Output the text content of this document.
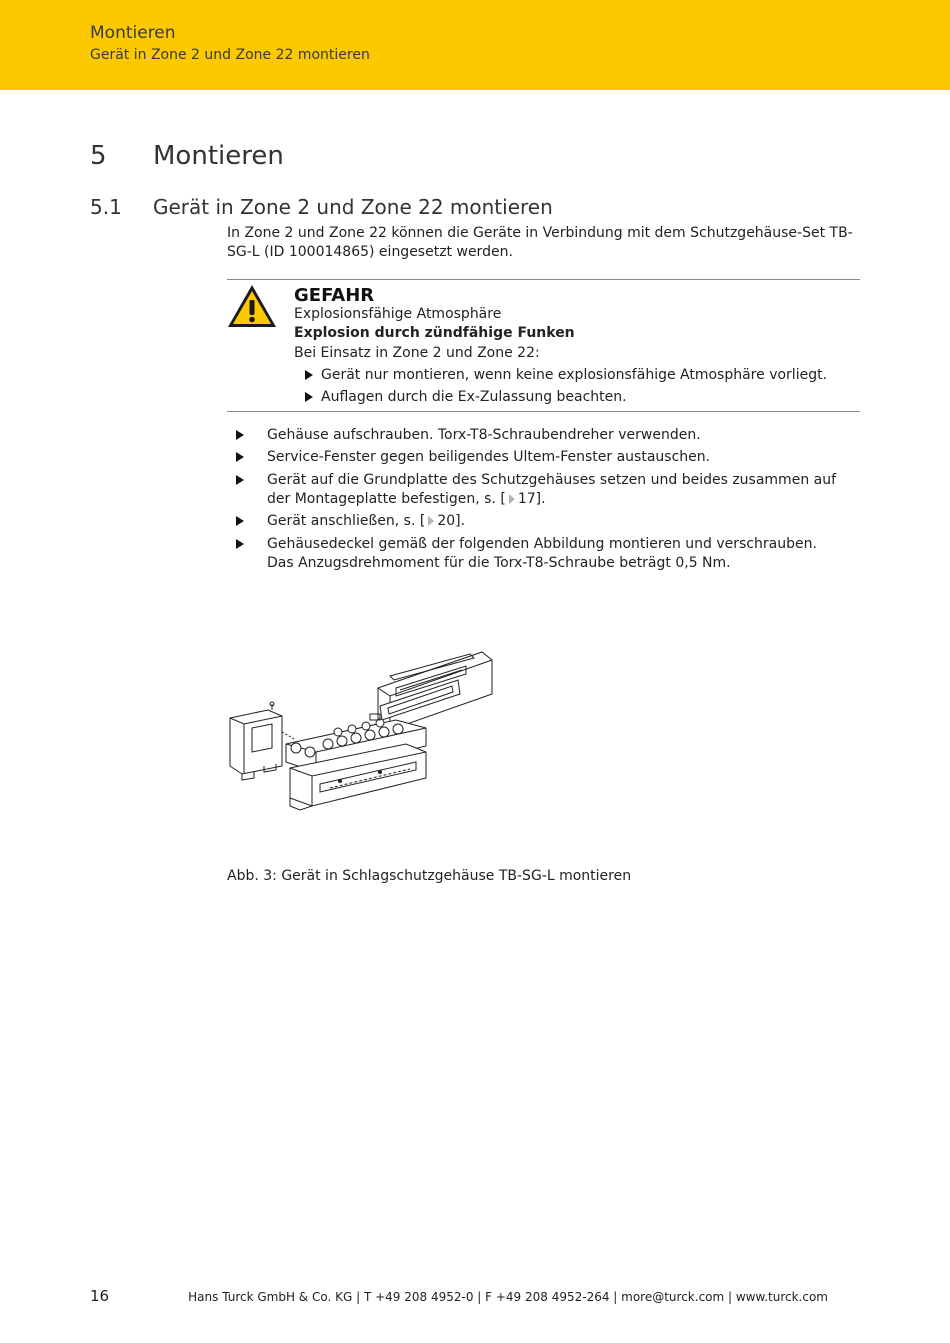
Montieren
Gerät in Zone 2 und Zone 22 montieren
5 Montieren
5.1 Gerät in Zone 2 und Zone 22 montieren
In Zone 2 und Zone 22 können die Geräte in Verbindung mit dem Schutzgehäuse-Set TB-SG-L (ID 100014865) eingesetzt werden.
GEFAHR
Explosionsfähige Atmosphäre
Explosion durch zündfähige Funken
Bei Einsatz in Zone 2 und Zone 22:
Gerät nur montieren, wenn keine explosionsfähige Atmosphäre vorliegt.
Auflagen durch die Ex-Zulassung beachten.
Gehäuse aufschrauben. Torx-T8-Schraubendreher verwenden.
Service-Fenster gegen beiligendes Ultem-Fenster austauschen.
Gerät auf die Grundplatte des Schutzgehäuses setzen und beides zusammen auf der Montageplatte befestigen, s. [ 17].
Gerät anschließen, s. [ 20].
Gehäusedeckel gemäß der folgenden Abbildung montieren und verschrauben. Das Anzugsdrehmoment für die Torx-T8-Schraube beträgt 0,5 Nm.
Abb. 3: Gerät in Schlagschutzgehäuse TB-SG-L montieren
16	Hans Turck GmbH & Co. KG | T +49 208 4952-0 | F +49 208 4952-264 | more@turck.com | www.turck.com
